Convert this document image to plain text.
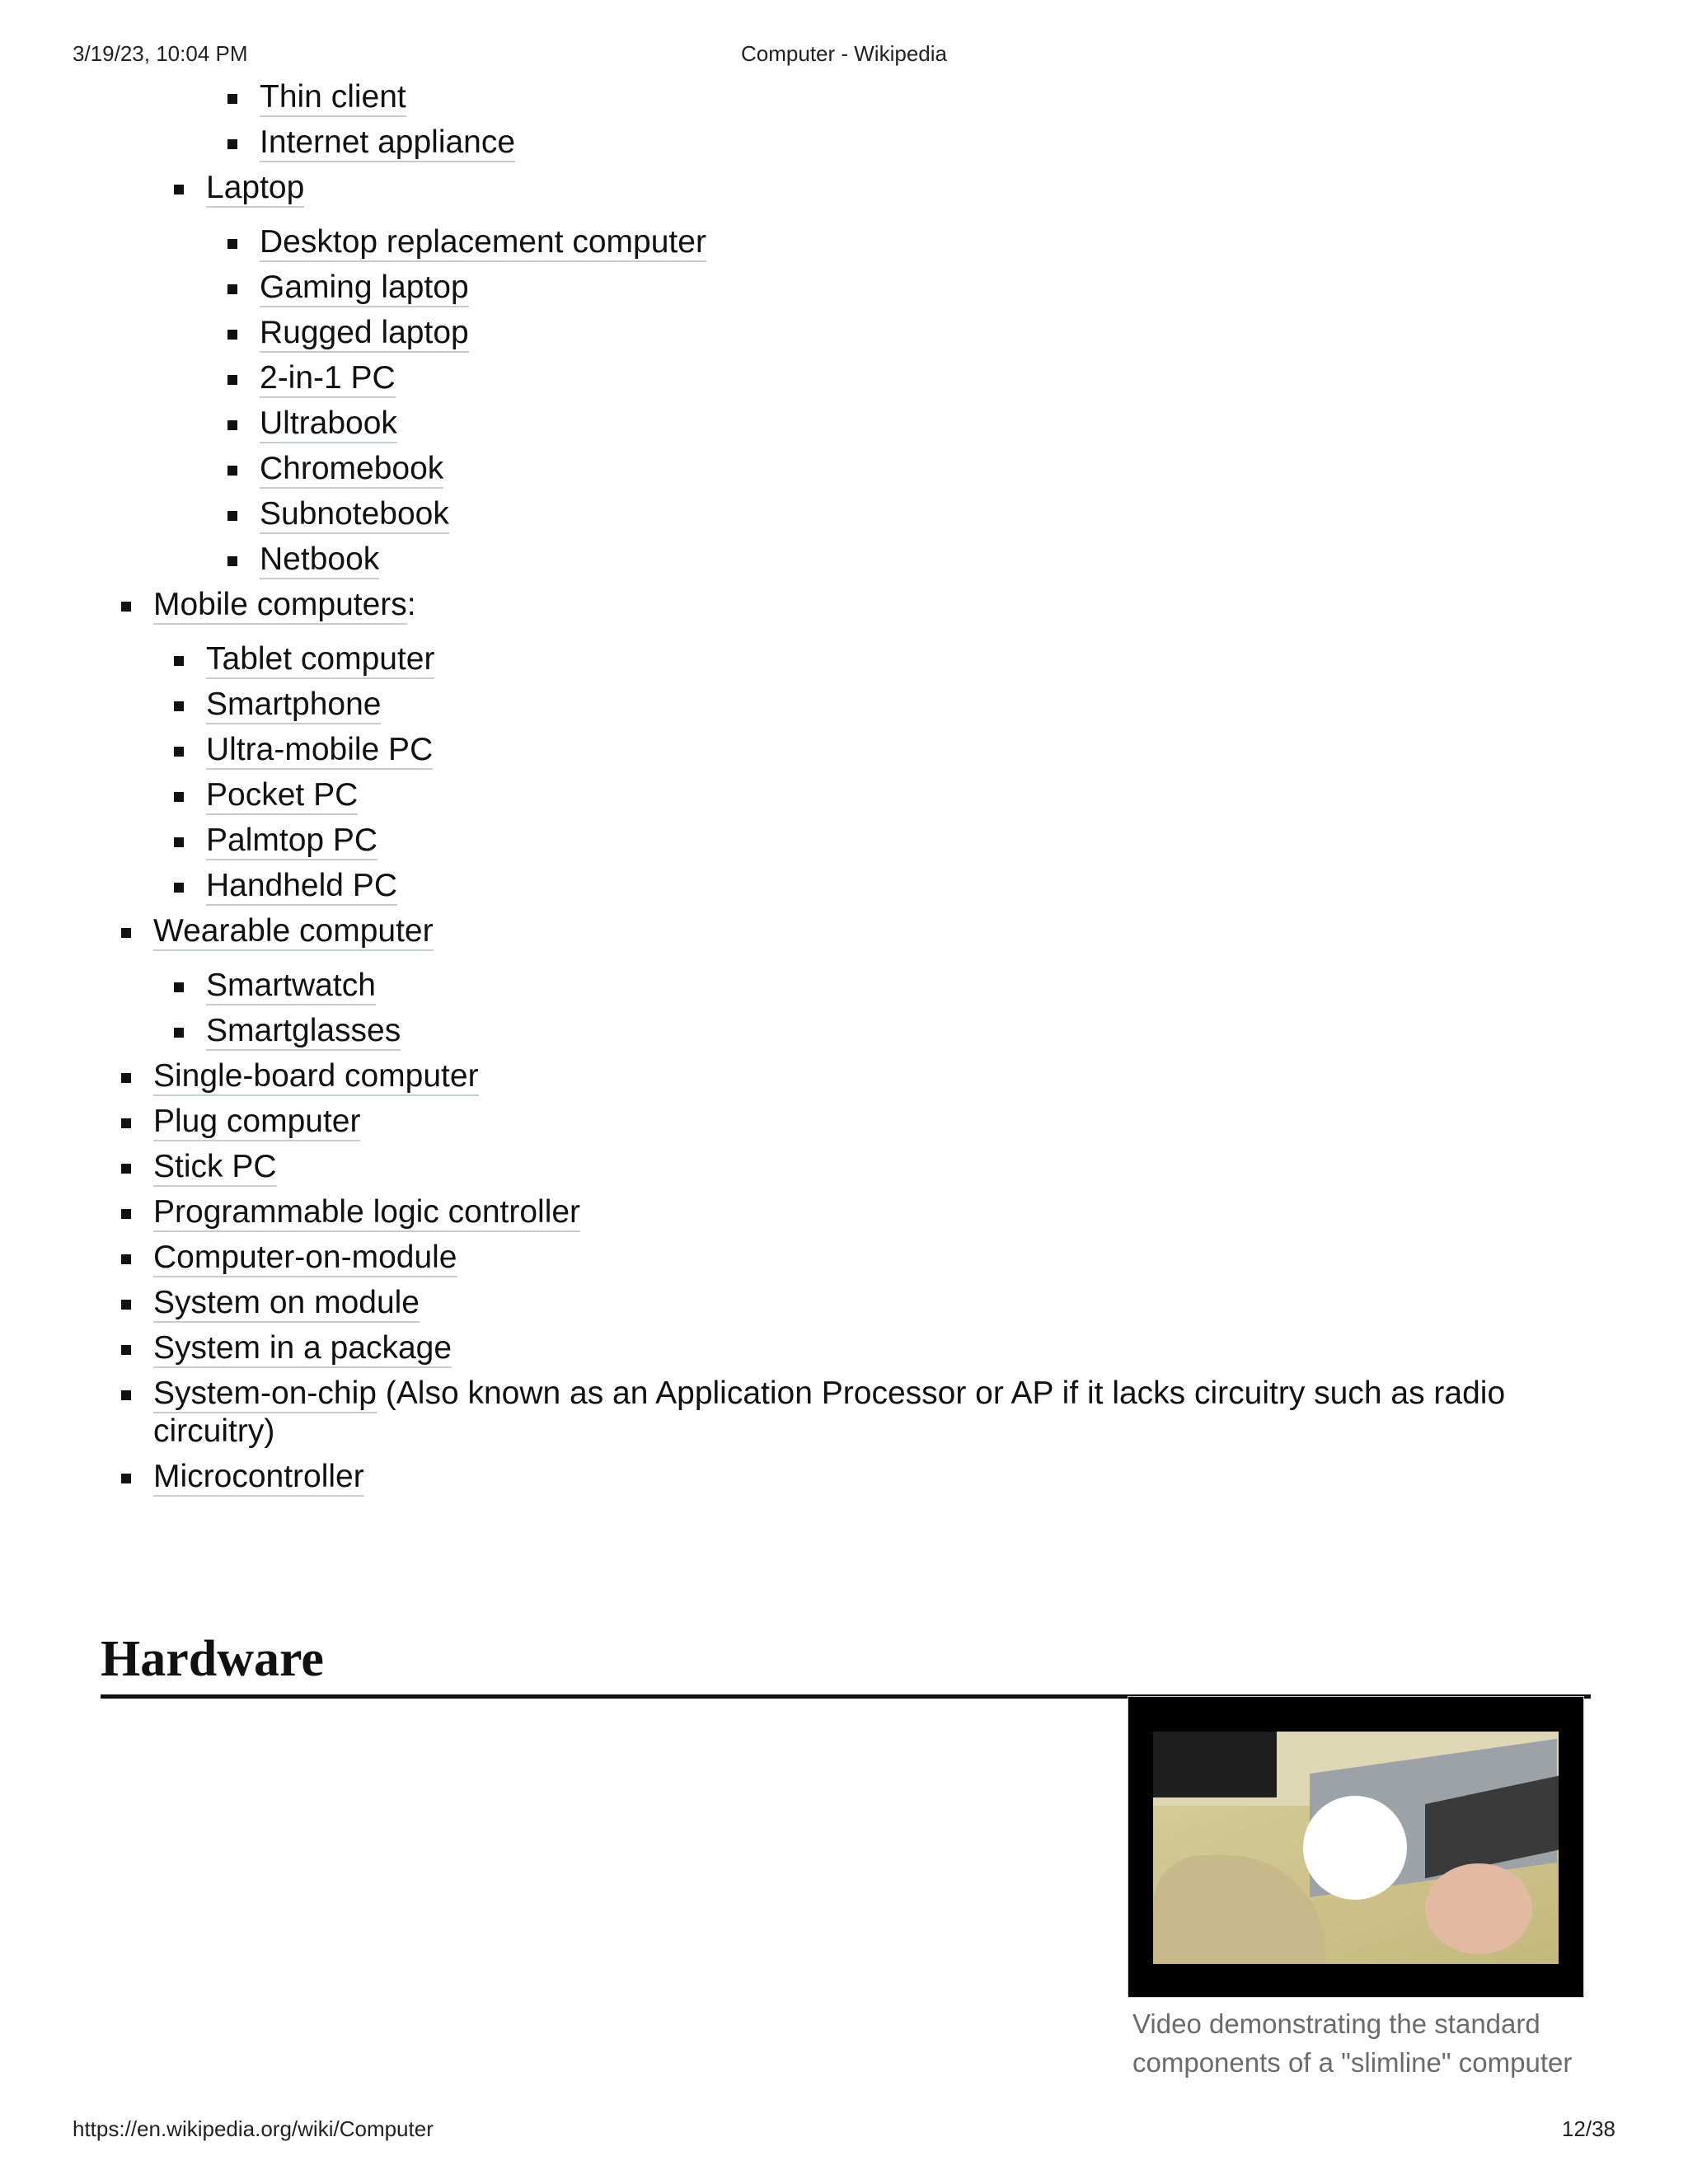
3/19/23, 10:04 PM	Computer - Wikipedia
Thin client
Internet appliance
Laptop
Desktop replacement computer
Gaming laptop
Rugged laptop
2-in-1 PC
Ultrabook
Chromebook
Subnotebook
Netbook
Mobile computers:
Tablet computer
Smartphone
Ultra-mobile PC
Pocket PC
Palmtop PC
Handheld PC
Wearable computer
Smartwatch
Smartglasses
Single-board computer
Plug computer
Stick PC
Programmable logic controller
Computer-on-module
System on module
System in a package
System-on-chip (Also known as an Application Processor or AP if it lacks circuitry such as radio circuitry)
Microcontroller
Hardware
Video demonstrating the standard components of a "slimline" computer
https://en.wikipedia.org/wiki/Computer	12/38
